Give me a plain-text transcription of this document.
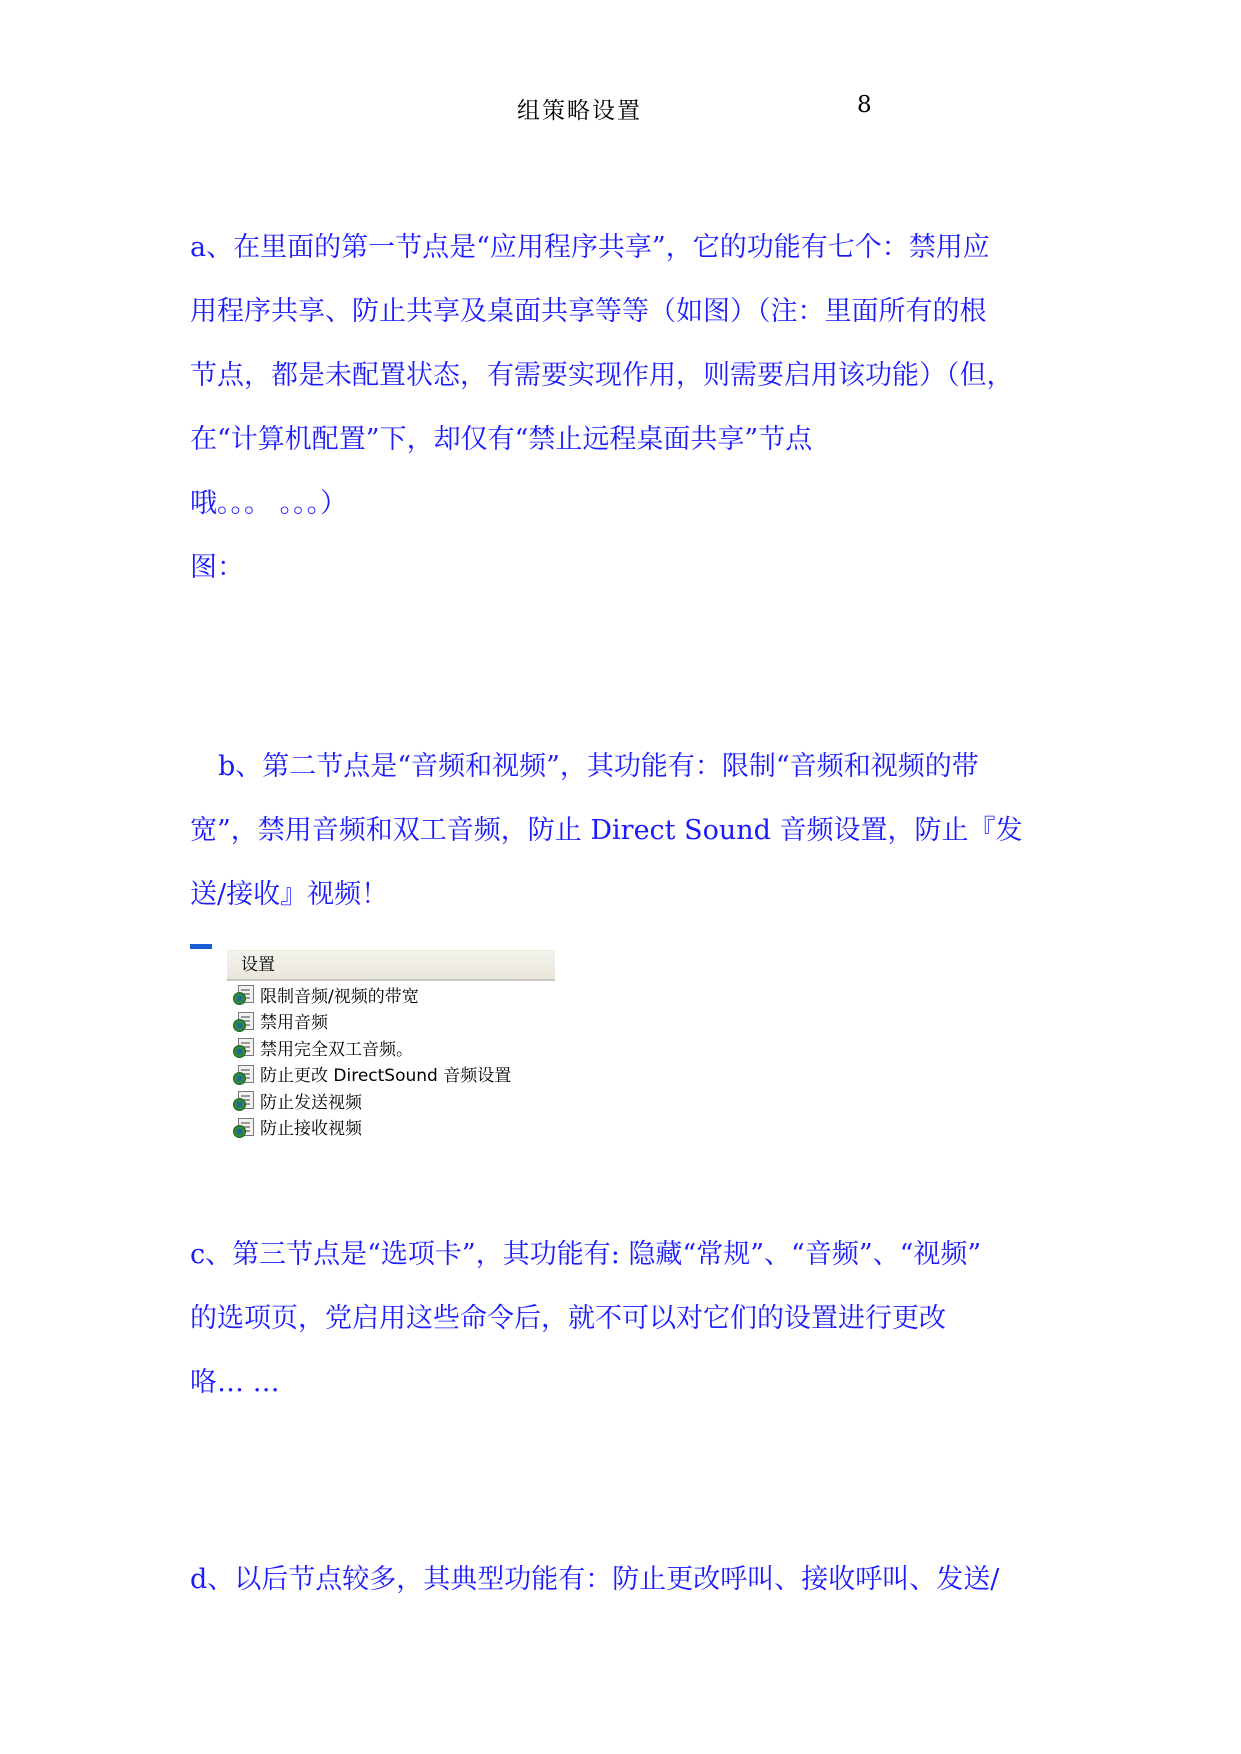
组策略设置	8
a、在里面的第一节点是“应用程序共享”，它的功能有七个：禁用应
用程序共享、防止共享及桌面共享等等（如图）（注：里面所有的根
节点，都是未配置状态，有需要实现作用，则需要启用该功能）（但，
在“计算机配置”下，却仅有“禁止远程桌面共享”节点
哦。。。 。。。）
图：
b、第二节点是“音频和视频”，其功能有：限制“音频和视频的带
宽”，禁用音频和双工音频，防止 Direct Sound 音频设置，防止『发
送/接收』视频！
设置
限制音频/视频的带宽
禁用音频
禁用完全双工音频。
防止更改 DirectSound 音频设置
防止发送视频
防止接收视频
c、第三节点是“选项卡”，其功能有: 隐藏“常规”、“音频”、“视频”
的选项页，党启用这些命令后，就不可以对它们的设置进行更改
咯… …
d、以后节点较多，其典型功能有：防止更改呼叫、接收呼叫、发送/
